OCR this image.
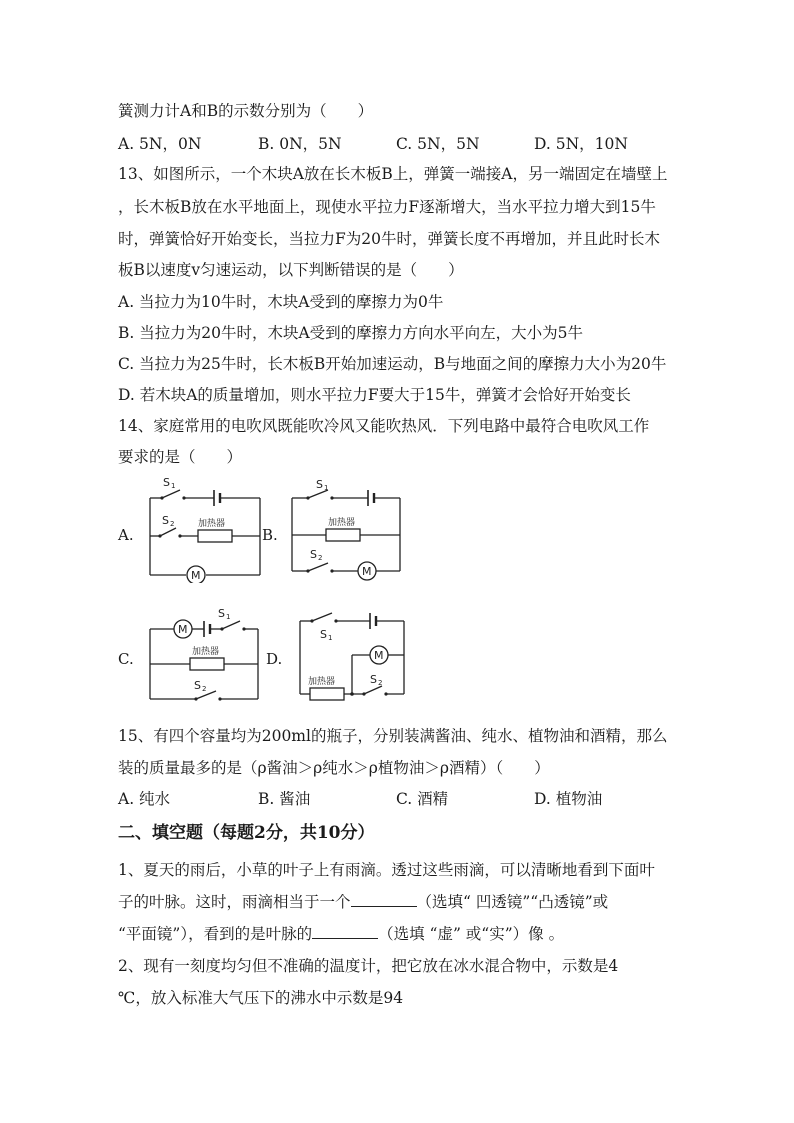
簧测力计A和B的示数分别为（　　）
A. 5N，0N	B. 0N，5N	C. 5N，5N	D. 5N，10N
13、如图所示，一个木块A放在长木板B上，弹簧一端接A，另一端固定在墙壁上
，长木板B放在水平地面上，现使水平拉力F逐渐增大，当水平拉力增大到15牛
时，弹簧恰好开始变长，当拉力F为20牛时，弹簧长度不再增加，并且此时长木
板B以速度v匀速运动，以下判断错误的是（　　）
A. 当拉力为10牛时，木块A受到的摩擦力为0牛
B. 当拉力为20牛时，木块A受到的摩擦力方向水平向左，大小为5牛
C. 当拉力为25牛时，长木板B开始加速运动，B与地面之间的摩擦力大小为20牛
D. 若木块A的质量增加，则水平拉力F要大于15牛，弹簧才会恰好开始变长
14、家庭常用的电吹风既能吹冷风又能吹热风．下列电路中最符合电吹风工作
要求的是（　　）
A.	B.
C.	D.
S 1
S 2	加热器
M
S 1
S 2
加热器
M
M
S 1
S 2
加热器
S 1
S 2
加热器
M
15、有四个容量均为200ml的瓶子，分别装满酱油、纯水、植物油和酒精，那么
装的质量最多的是（ρ酱油＞ρ纯水＞ρ植物油＞ρ酒精）（　　）
A. 纯水	B. 酱油	C. 酒精	D. 植物油
二、填空题（每题2分，共10分）
1、夏天的雨后，小草的叶子上有雨滴。透过这些雨滴，可以清晰地看到下面叶
子的叶脉。这时，雨滴相当于一个	（选填“ 凹透镜”“凸透镜”或
“平面镜”），看到的是叶脉的	（选填 “虚” 或“实”）像 。
2、现有一刻度均匀但不准确的温度计，把它放在冰水混合物中，示数是4
℃，放入标准大气压下的沸水中示数是94
